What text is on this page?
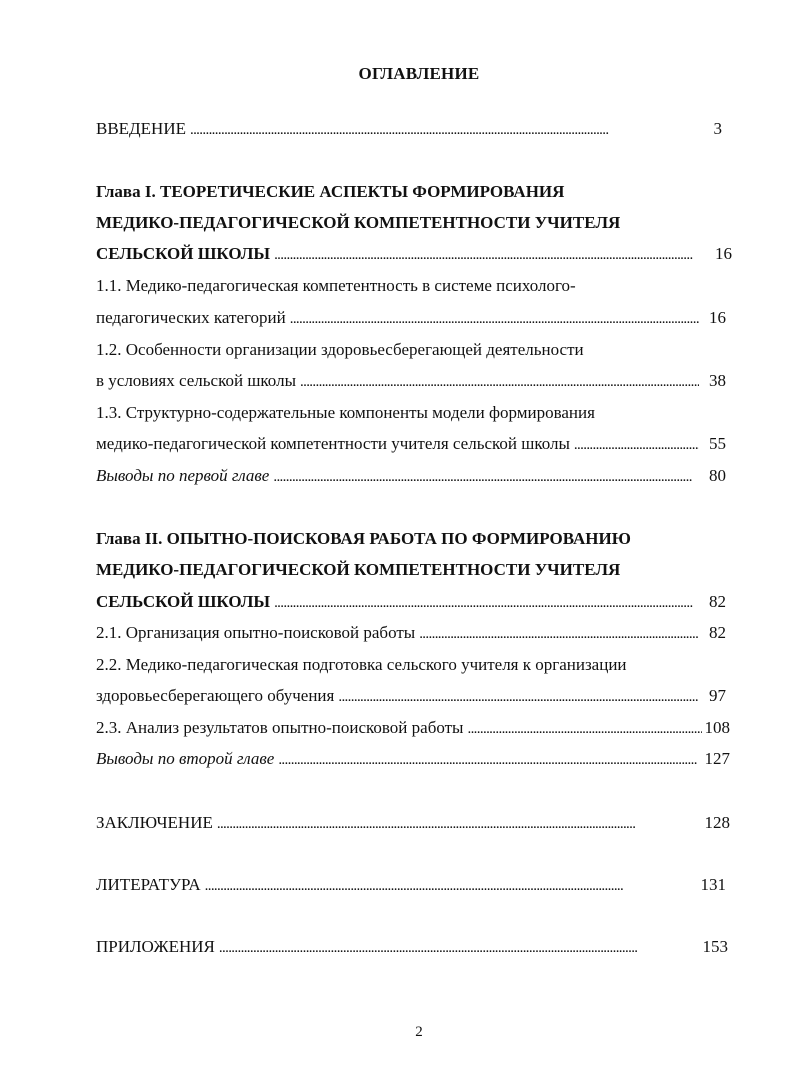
ОГЛАВЛЕНИЕ
ВВЕДЕНИЕ . . .	3
Глава I. ТЕОРЕТИЧЕСКИЕ АСПЕКТЫ ФОРМИРОВАНИЯ
МЕДИКО-ПЕДАГОГИЧЕСКОЙ КОМПЕТЕНТНОСТИ УЧИТЕЛЯ
СЕЛЬСКОЙ ШКОЛЫ . . .	16
1.1. Медико-педагогическая компетентность в системе психолого-
педагогических категорий . . .	16
1.2. Особенности организации здоровьесберегающей деятельности
в условиях сельской школы . . .	38
1.3. Структурно-содержательные компоненты модели формирования
медико-педагогической компетентности учителя сельской школы . . .	55
Выводы по первой главе . . .	80
Глава II. ОПЫТНО-ПОИСКОВАЯ РАБОТА ПО ФОРМИРОВАНИЮ
МЕДИКО-ПЕДАГОГИЧЕСКОЙ КОМПЕТЕНТНОСТИ УЧИТЕЛЯ
СЕЛЬСКОЙ ШКОЛЫ . . .	82
2.1. Организация опытно-поисковой работы . . .	82
2.2. Медико-педагогическая подготовка сельского учителя к организации
здоровьесберегающего обучения . . .	97
2.3. Анализ результатов опытно-поисковой работы . . .	108
Выводы по второй главе . . .	127
ЗАКЛЮЧЕНИЕ . . .	128
ЛИТЕРАТУРА . . .	131
ПРИЛОЖЕНИЯ . . .	153
2
